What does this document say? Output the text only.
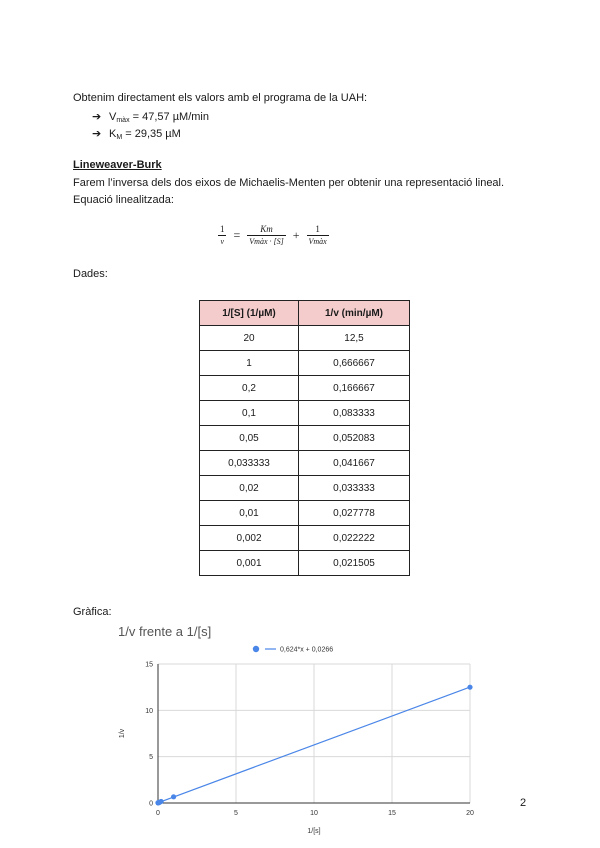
Obtenim directament els valors amb el programa de la UAH:
➔ $V_{màx} = 47,57$ µM/min
➔ $K_M = 29,35$ µM
Lineweaver-Burk
Farem l’inversa dels dos eixos de Michaelis-Menten per obtenir una representació lineal.
Equació linealitzada:
$\frac{1}{v} = \frac{Km}{\text{Vmàx · [S]}} + \frac{1}{\text{Vmàx}}$
Dades:
1/[S] (1/µM)	1/v (min/µM)
20	12,5
1	0,666667
0,2	0,166667
0,1	0,083333
0,05	0,052083
0,033333	0,041667
0,02	0,033333
0,01	0,027778
0,002	0,022222
0,001	0,021505
Gràfica:
1/v frente a 1/[s]
0	5	10	15	20
0
5
10
15
0,624*x + 0,0266
1/[s]
1/v
2
